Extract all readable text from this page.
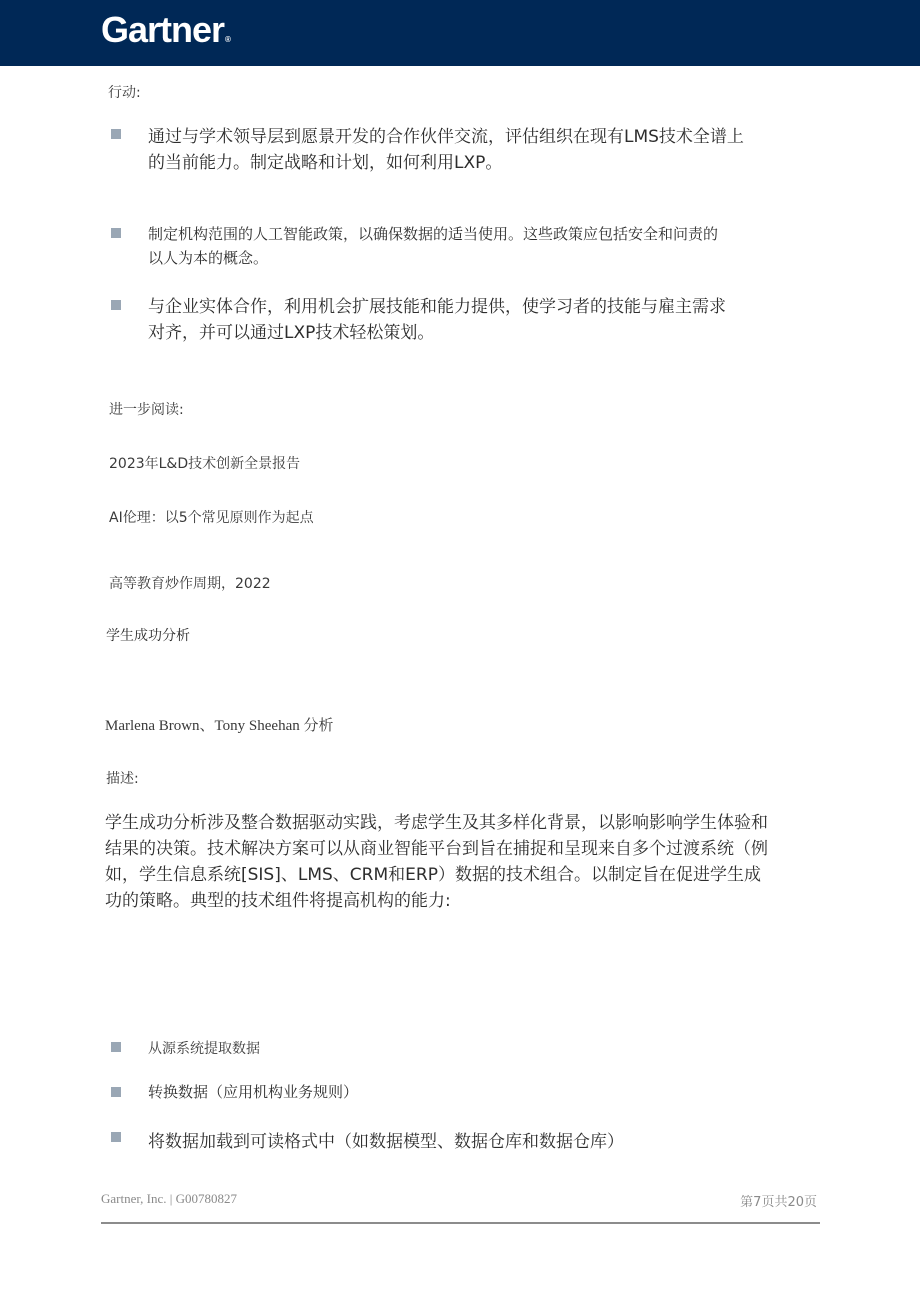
Gartner®
行动:
通过与学术领导层到愿景开发的合作伙伴交流，评估组织在现有LMS技术全谱上
的当前能力。制定战略和计划，如何利用LXP。
制定机构范围的人工智能政策，以确保数据的适当使用。这些政策应包括安全和问责的
以人为本的概念。
与企业实体合作，利用机会扩展技能和能力提供，使学习者的技能与雇主需求
对齐，并可以通过LXP技术轻松策划。
进一步阅读:
2023年L&D技术创新全景报告
AI伦理：以5个常见原则作为起点
高等教育炒作周期，2022
学生成功分析
Marlena Brown、Tony Sheehan 分析
描述:
学生成功分析涉及整合数据驱动实践，考虑学生及其多样化背景，以影响影响学生体验和
结果的决策。技术解决方案可以从商业智能平台到旨在捕捉和呈现来自多个过渡系统（例
如，学生信息系统[SIS]、LMS、CRM和ERP）数据的技术组合。以制定旨在促进学生成
功的策略。典型的技术组件将提高机构的能力:
从源系统提取数据
转换数据（应用机构业务规则）
将数据加载到可读格式中（如数据模型、数据仓库和数据仓库）
Gartner, Inc. | G00780827	第7页共20页
